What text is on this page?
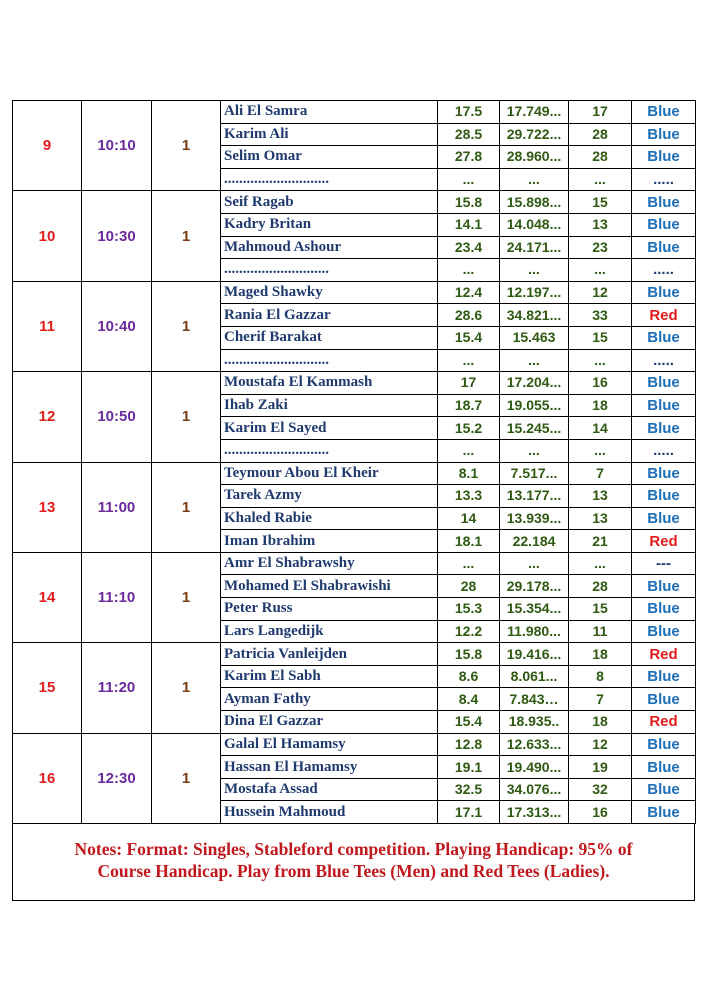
9	10:10	1	Ali El Samra	17.5	17.749...	17	Blue
			Karim Ali	28.5	29.722...	28	Blue
			Selim Omar	27.8	28.960...	28	Blue
			............................	...	...	...	.....
10	10:30	1	Seif Ragab	15.8	15.898...	15	Blue
			Kadry Britan	14.1	14.048...	13	Blue
			Mahmoud Ashour	23.4	24.171...	23	Blue
			............................	...	...	...	.....
11	10:40	1	Maged Shawky	12.4	12.197...	12	Blue
			Rania El Gazzar	28.6	34.821...	33	Red
			Cherif Barakat	15.4	15.463	15	Blue
			............................	...	...	...	.....
12	10:50	1	Moustafa El Kammash	17	17.204...	16	Blue
			Ihab Zaki	18.7	19.055...	18	Blue
			Karim El Sayed	15.2	15.245...	14	Blue
			............................	...	...	...	.....
13	11:00	1	Teymour Abou El Kheir	8.1	7.517...	7	Blue
			Tarek Azmy	13.3	13.177...	13	Blue
			Khaled Rabie	14	13.939...	13	Blue
			Iman Ibrahim	18.1	22.184	21	Red
14	11:10	1	Amr El Shabrawshy	...	...	...	---
			Mohamed El Shabrawishi	28	29.178...	28	Blue
			Peter Russ	15.3	15.354...	15	Blue
			Lars Langedijk	12.2	11.980...	11	Blue
15	11:20	1	Patricia Vanleijden	15.8	19.416...	18	Red
			Karim El Sabh	8.6	8.061...	8	Blue
			Ayman Fathy	8.4	7.843…	7	Blue
			Dina El Gazzar	15.4	18.935..	18	Red
16	12:30	1	Galal El Hamamsy	12.8	12.633...	12	Blue
			Hassan El Hamamsy	19.1	19.490...	19	Blue
			Mostafa Assad	32.5	34.076...	32	Blue
			Hussein Mahmoud	17.1	17.313...	16	Blue
Notes: Format: Singles, Stableford competition. Playing Handicap: 95% of
Course Handicap. Play from Blue Tees (Men) and Red Tees (Ladies).
